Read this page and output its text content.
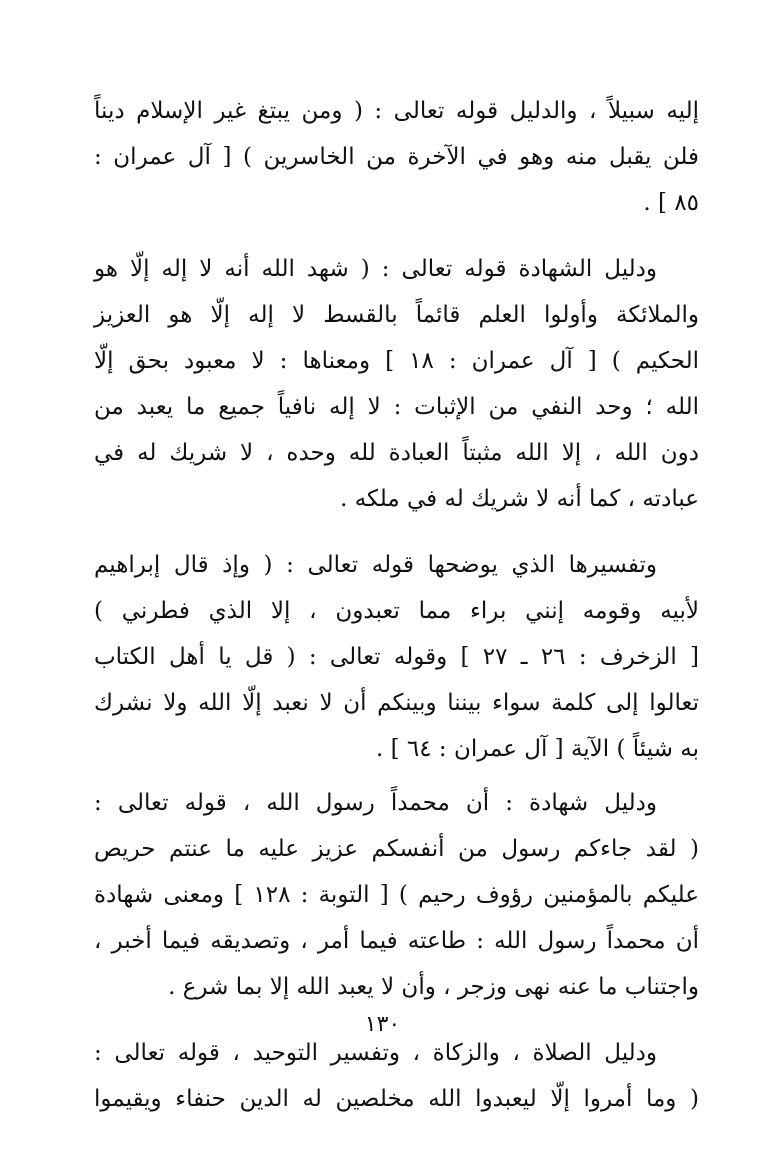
إليه سبيلاً ، والدليل قوله تعالى : ( ومن يبتغ غير الإسلام ديناً
فلن يقبل منه وهو في الآخرة من الخاسرين ) [ آل عمران :
٨٥ ] .
ودليل الشهادة قوله تعالى : ( شهد الله أنه لا إله إلّا هو
والملائكة وأولوا العلم قائماً بالقسط لا إله إلّا هو العزيز
الحكيم ) [ آل عمران : ١٨ ] ومعناها : لا معبود بحق إلّا
الله ؛ وحد النفي من الإثبات : لا إله نافياً جميع ما يعبد من
دون الله ، إلا الله مثبتاً العبادة لله وحده ، لا شريك له في
عبادته ، كما أنه لا شريك له في ملكه .
وتفسيرها الذي يوضحها قوله تعالى : ( وإذ قال إبراهيم
لأبيه وقومه إنني براء مما تعبدون ، إلا الذي فطرني )
[ الزخرف : ٢٦ ـ ٢٧ ] وقوله تعالى : ( قل يا أهل الكتاب
تعالوا إلى كلمة سواء بيننا وبينكم أن لا نعبد إلّا الله ولا نشرك
به شيئاً ) الآية [ آل عمران : ٦٤ ] .
ودليل شهادة : أن محمداً رسول الله ، قوله تعالى :
( لقد جاءكم رسول من أنفسكم عزيز عليه ما عنتم حريص
عليكم بالمؤمنين رؤوف رحيم ) [ التوبة : ١٢٨ ] ومعنى شهادة
أن محمداً رسول الله : طاعته فيما أمر ، وتصديقه فيما أخبر ،
واجتناب ما عنه نهى وزجر ، وأن لا يعبد الله إلا بما شرع .
ودليل الصلاة ، والزكاة ، وتفسير التوحيد ، قوله تعالى :
( وما أمروا إلّا ليعبدوا الله مخلصين له الدين حنفاء ويقيموا
١٣٠
